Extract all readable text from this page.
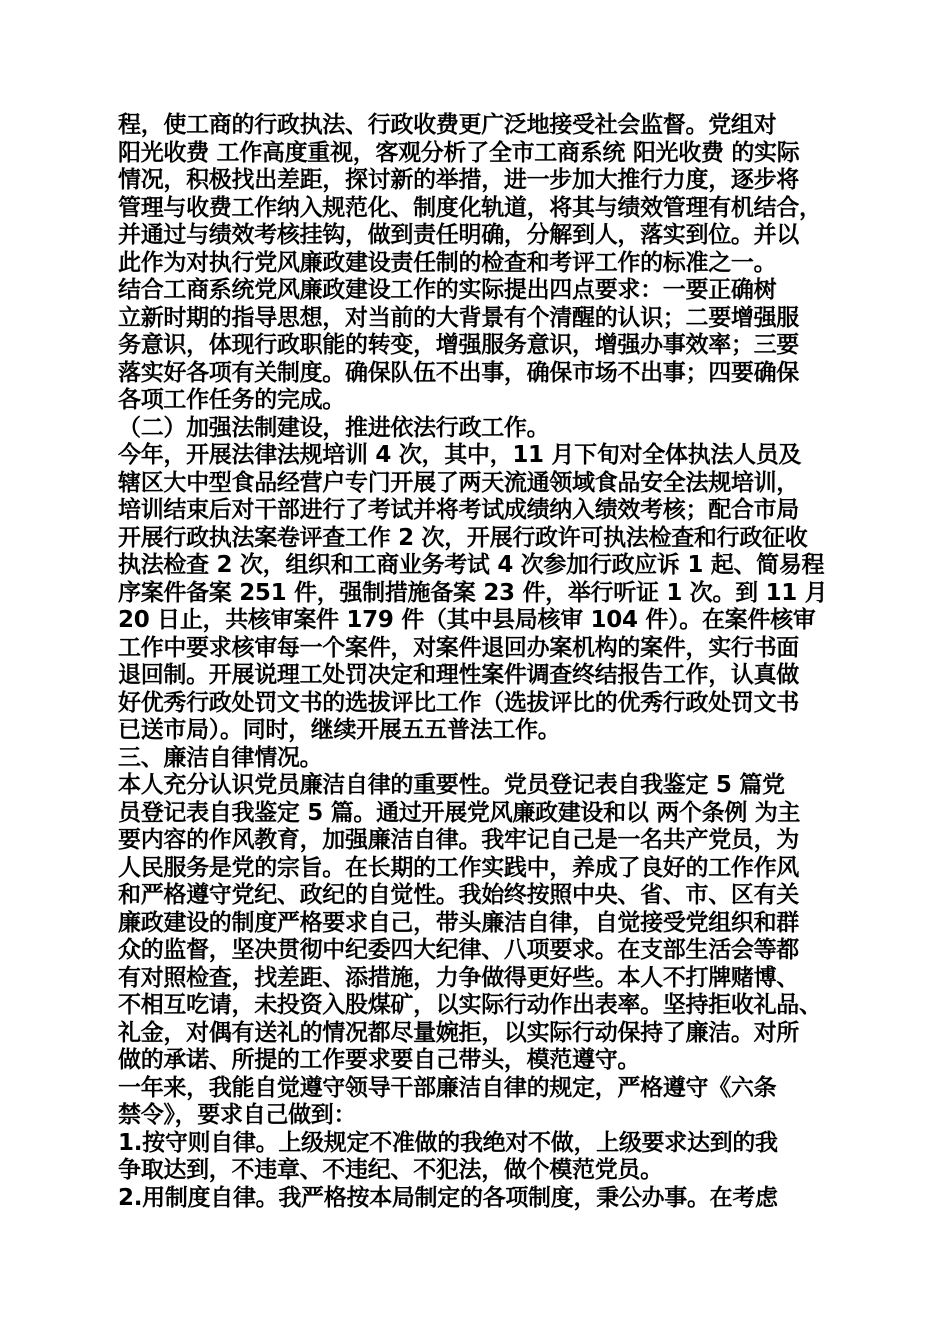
程，使工商的行政执法、行政收费更广泛地接受社会监督。党组对
阳光收费 工作高度重视，客观分析了全市工商系统 阳光收费 的实际
情况，积极找出差距，探讨新的举措，进一步加大推行力度，逐步将
管理与收费工作纳入规范化、制度化轨道，将其与绩效管理有机结合，
并通过与绩效考核挂钩，做到责任明确，分解到人，落实到位。并以
此作为对执行党风廉政建设责任制的检查和考评工作的标准之一。
结合工商系统党风廉政建设工作的实际提出四点要求：一要正确树
立新时期的指导思想，对当前的大背景有个清醒的认识；二要增强服
务意识，体现行政职能的转变，增强服务意识，增强办事效率；三要
落实好各项有关制度。确保队伍不出事，确保市场不出事；四要确保
各项工作任务的完成。
（二）加强法制建设，推进依法行政工作。
今年，开展法律法规培训 4 次，其中，11 月下旬对全体执法人员及
辖区大中型食品经营户专门开展了两天流通领域食品安全法规培训，
培训结束后对干部进行了考试并将考试成绩纳入绩效考核；配合市局
开展行政执法案卷评查工作 2 次，开展行政许可执法检查和行政征收
执法检查 2 次，组织和工商业务考试 4 次参加行政应诉 1 起、简易程
序案件备案 251 件，强制措施备案 23 件，举行听证 1 次。到 11 月
20 日止，共核审案件 179 件（其中县局核审 104 件）。在案件核审
工作中要求核审每一个案件，对案件退回办案机构的案件，实行书面
退回制。开展说理工处罚决定和理性案件调查终结报告工作，认真做
好优秀行政处罚文书的选拔评比工作（选拔评比的优秀行政处罚文书
已送市局）。同时，继续开展五五普法工作。
三、廉洁自律情况。
本人充分认识党员廉洁自律的重要性。党员登记表自我鉴定 5 篇党
员登记表自我鉴定 5 篇。通过开展党风廉政建设和以 两个条例 为主
要内容的作风教育，加强廉洁自律。我牢记自己是一名共产党员，为
人民服务是党的宗旨。在长期的工作实践中，养成了良好的工作作风
和严格遵守党纪、政纪的自觉性。我始终按照中央、省、市、区有关
廉政建设的制度严格要求自己，带头廉洁自律，自觉接受党组织和群
众的监督，坚决贯彻中纪委四大纪律、八项要求。在支部生活会等都
有对照检查，找差距、添措施，力争做得更好些。本人不打牌赌博、
不相互吃请，未投资入股煤矿，以实际行动作出表率。坚持拒收礼品、
礼金，对偶有送礼的情况都尽量婉拒，以实际行动保持了廉洁。对所
做的承诺、所提的工作要求要自己带头，模范遵守。
一年来，我能自觉遵守领导干部廉洁自律的规定，严格遵守《六条
禁令》，要求自己做到：
1.按守则自律。上级规定不准做的我绝对不做，上级要求达到的我
争取达到，不违章、不违纪、不犯法，做个模范党员。
2.用制度自律。我严格按本局制定的各项制度，秉公办事。在考虑
